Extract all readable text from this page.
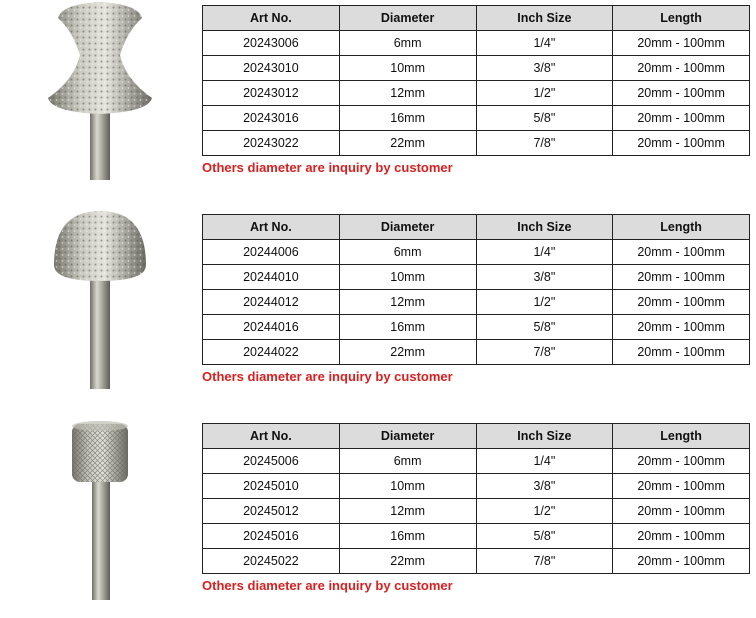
Art No.	Diameter	Inch Size	Length
20243006	6mm	1/4"	20mm - 100mm
20243010	10mm	3/8"	20mm - 100mm
20243012	12mm	1/2"	20mm - 100mm
20243016	16mm	5/8"	20mm - 100mm
20243022	22mm	7/8"	20mm - 100mm
Others diameter are inquiry by customer
Art No.	Diameter	Inch Size	Length
20244006	6mm	1/4"	20mm - 100mm
20244010	10mm	3/8"	20mm - 100mm
20244012	12mm	1/2"	20mm - 100mm
20244016	16mm	5/8"	20mm - 100mm
20244022	22mm	7/8"	20mm - 100mm
Others diameter are inquiry by customer
Art No.	Diameter	Inch Size	Length
20245006	6mm	1/4"	20mm - 100mm
20245010	10mm	3/8"	20mm - 100mm
20245012	12mm	1/2"	20mm - 100mm
20245016	16mm	5/8"	20mm - 100mm
20245022	22mm	7/8"	20mm - 100mm
Others diameter are inquiry by customer
